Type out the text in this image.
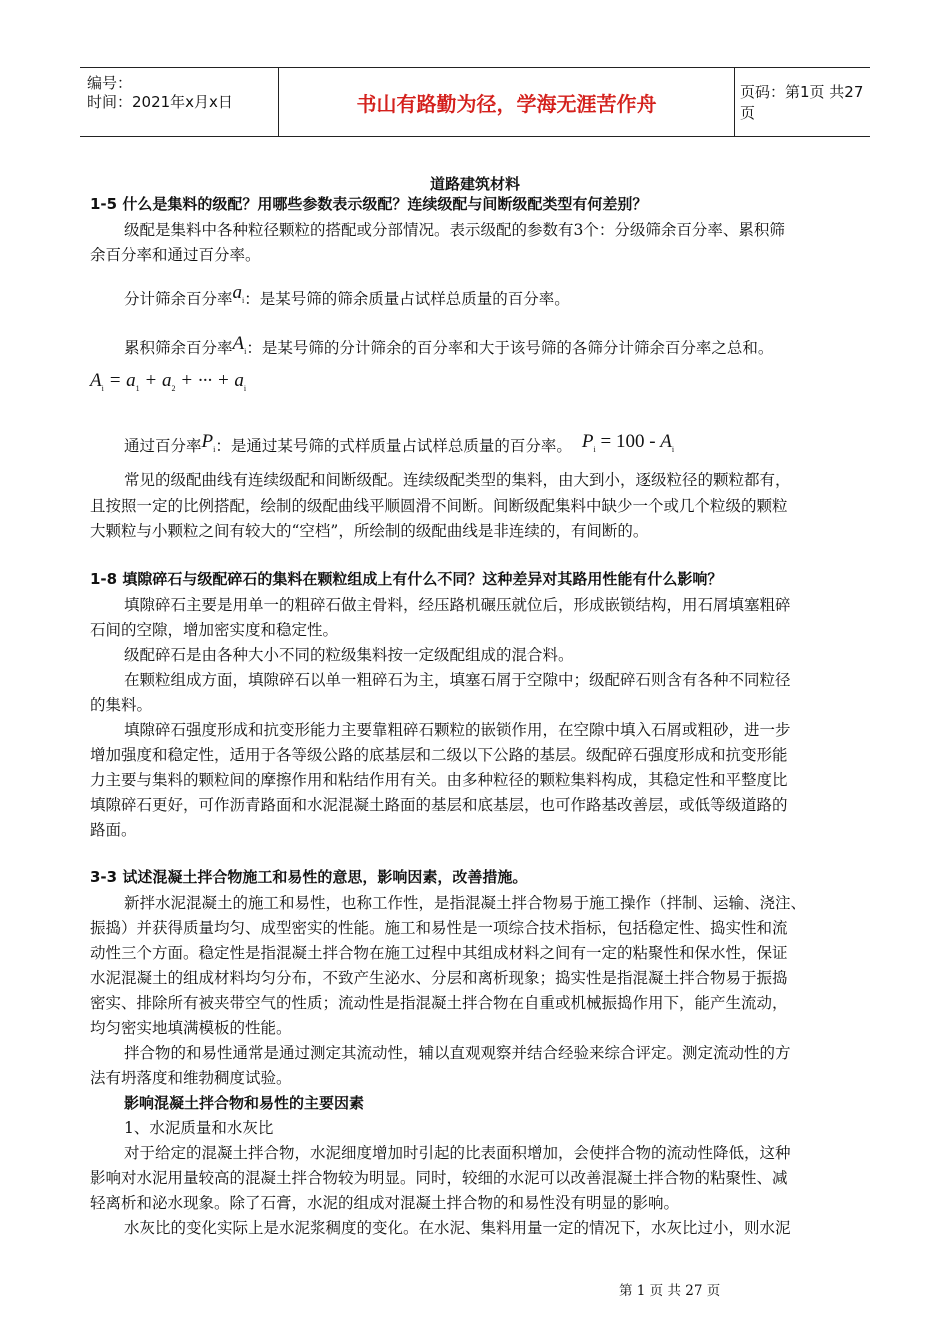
编号：
时间：2021年x月x日	书山有路勤为径，学海无涯苦作舟	页码：第1页 共27页
道路建筑材料
1-5 什么是集料的级配？用哪些参数表示级配？连续级配与间断级配类型有何差别？
级配是集料中各种粒径颗粒的搭配或分部情况。表示级配的参数有3个：分级筛余百分率、累积筛
余百分率和通过百分率。
分计筛余百分率$a_i$：是某号筛的筛余质量占试样总质量的百分率。
累积筛余百分率$A_i$：是某号筛的分计筛余的百分率和大于该号筛的各筛分计筛余百分率之总和。
$A_i = a_1 + a_2$ + ··· + $a_i$
通过百分率$P_i$：是通过某号筛的式样质量占试样总质量的百分率。 $P_i = 100 - A_i$
常见的级配曲线有连续级配和间断级配。连续级配类型的集料，由大到小，逐级粒径的颗粒都有，
且按照一定的比例搭配，绘制的级配曲线平顺圆滑不间断。间断级配集料中缺少一个或几个粒级的颗粒
大颗粒与小颗粒之间有较大的“空档”，所绘制的级配曲线是非连续的，有间断的。
1-8 填隙碎石与级配碎石的集料在颗粒组成上有什么不同？这种差异对其路用性能有什么影响？
填隙碎石主要是用单一的粗碎石做主骨料，经压路机碾压就位后，形成嵌锁结构，用石屑填塞粗碎
石间的空隙，增加密实度和稳定性。
级配碎石是由各种大小不同的粒级集料按一定级配组成的混合料。
在颗粒组成方面，填隙碎石以单一粗碎石为主，填塞石屑于空隙中；级配碎石则含有各种不同粒径
的集料。
填隙碎石强度形成和抗变形能力主要靠粗碎石颗粒的嵌锁作用，在空隙中填入石屑或粗砂，进一步
增加强度和稳定性，适用于各等级公路的底基层和二级以下公路的基层。级配碎石强度形成和抗变形能
力主要与集料的颗粒间的摩擦作用和粘结作用有关。由多种粒径的颗粒集料构成，其稳定性和平整度比
填隙碎石更好，可作沥青路面和水泥混凝土路面的基层和底基层，也可作路基改善层，或低等级道路的
路面。
3-3 试述混凝土拌合物施工和易性的意思，影响因素，改善措施。
新拌水泥混凝土的施工和易性，也称工作性，是指混凝土拌合物易于施工操作（拌制、运输、浇注、
振捣）并获得质量均匀、成型密实的性能。施工和易性是一项综合技术指标，包括稳定性、捣实性和流
动性三个方面。稳定性是指混凝土拌合物在施工过程中其组成材料之间有一定的粘聚性和保水性，保证
水泥混凝土的组成材料均匀分布，不致产生泌水、分层和离析现象；捣实性是指混凝土拌合物易于振捣
密实、排除所有被夹带空气的性质；流动性是指混凝土拌合物在自重或机械振捣作用下，能产生流动，
均匀密实地填满模板的性能。
拌合物的和易性通常是通过测定其流动性，辅以直观观察并结合经验来综合评定。测定流动性的方
法有坍落度和维勃稠度试验。
影响混凝土拌合物和易性的主要因素
1、水泥质量和水灰比
对于给定的混凝土拌合物，水泥细度增加时引起的比表面积增加，会使拌合物的流动性降低，这种
影响对水泥用量较高的混凝土拌合物较为明显。同时，较细的水泥可以改善混凝土拌合物的粘聚性、减
轻离析和泌水现象。除了石膏，水泥的组成对混凝土拌合物的和易性没有明显的影响。
水灰比的变化实际上是水泥浆稠度的变化。在水泥、集料用量一定的情况下，水灰比过小，则水泥
第 1 页 共 27 页
